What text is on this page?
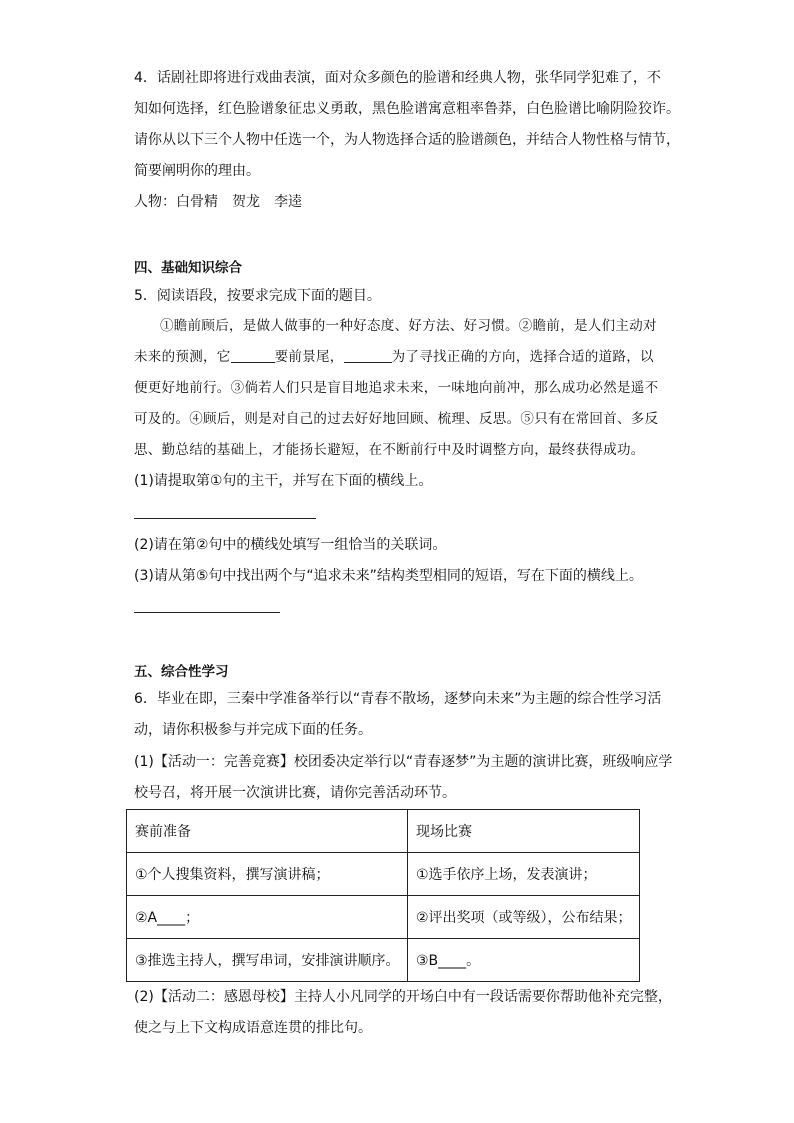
4．话剧社即将进行戏曲表演，面对众多颜色的脸谱和经典人物，张华同学犯难了，不
知如何选择，红色脸谱象征忠义勇敢，黑色脸谱寓意粗率鲁莽，白色脸谱比喻阴险狡诈。
请你从以下三个人物中任选一个，为人物选择合适的脸谱颜色，并结合人物性格与情节，
简要阐明你的理由。
人物：白骨精　贺龙　李逵
四、基础知识综合
5．阅读语段，按要求完成下面的题目。
①瞻前顾后，是做人做事的一种好态度、好方法、好习惯。②瞻前，是人们主动对
未来的预测，它	要前景尾，	为了寻找正确的方向，选择合适的道路，以
便更好地前行。③倘若人们只是盲目地追求未来，一味地向前冲，那么成功必然是遥不
可及的。④顾后，则是对自己的过去好好地回顾、梳理、反思。⑤只有在常回首、多反
思、勤总结的基础上，才能扬长避短，在不断前行中及时调整方向，最终获得成功。
(1)请提取第①句的主干，并写在下面的横线上。
(2)请在第②句中的横线处填写一组恰当的关联词。
(3)请从第⑤句中找出两个与“追求未来”结构类型相同的短语，写在下面的横线上。
五、综合性学习
6．毕业在即，三秦中学准备举行以“青春不散场，逐梦向未来”为主题的综合性学习活
动，请你积极参与并完成下面的任务。
(1)【活动一：完善竞赛】校团委决定举行以“青春逐梦”为主题的演讲比赛，班级响应学
校号召，将开展一次演讲比赛，请你完善活动环节。
赛前准备	现场比赛
①个人搜集资料，撰写演讲稿；	①选手依序上场，发表演讲；
②A____；	②评出奖项（或等级），公布结果；
③推选主持人，撰写串词，安排演讲顺序。	③B____。
(2)【活动二：感恩母校】主持人小凡同学的开场白中有一段话需要你帮助他补充完整，
使之与上下文构成语意连贯的排比句。
